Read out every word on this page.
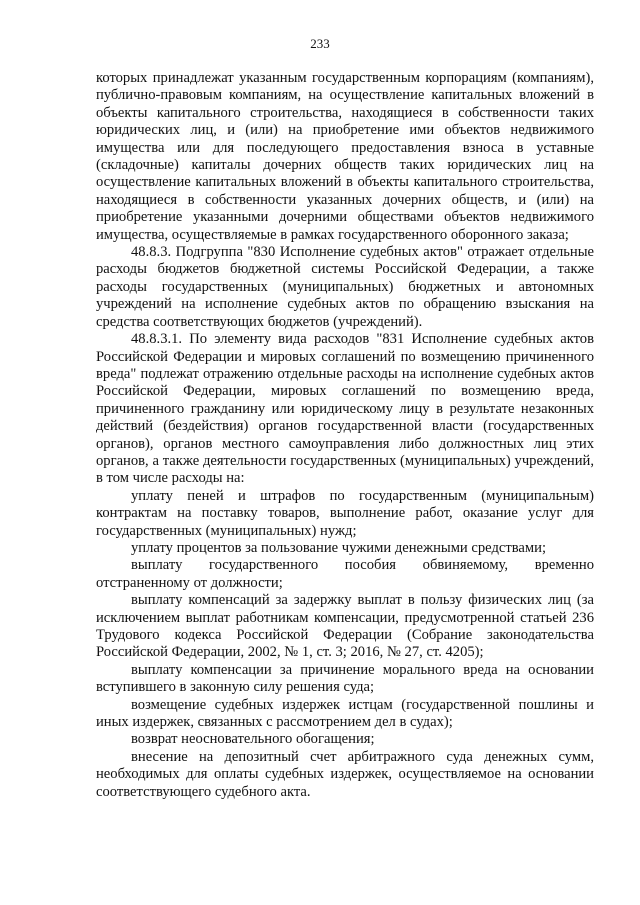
233

которых принадлежат указанным государственным корпорациям (компаниям), публично-правовым компаниям, на осуществление капитальных вложений в объекты капитального строительства, находящиеся в собственности таких юридических лиц, и (или) на приобретение ими объектов недвижимого имущества или для последующего предоставления взноса в уставные (складочные) капиталы дочерних обществ таких юридических лиц на осуществление капитальных вложений в объекты капитального строительства, находящиеся в собственности указанных дочерних обществ, и (или) на приобретение указанными дочерними обществами объектов недвижимого имущества, осуществляемые в рамках государственного оборонного заказа;

48.8.3. Подгруппа "830 Исполнение судебных актов" отражает отдельные расходы бюджетов бюджетной системы Российской Федерации, а также расходы государственных (муниципальных) бюджетных и автономных учреждений на исполнение судебных актов по обращению взыскания на средства соответствующих бюджетов (учреждений).

48.8.3.1. По элементу вида расходов "831 Исполнение судебных актов Российской Федерации и мировых соглашений по возмещению причиненного вреда" подлежат отражению отдельные расходы на исполнение судебных актов Российской Федерации, мировых соглашений по возмещению вреда, причиненного гражданину или юридическому лицу в результате незаконных действий (бездействия) органов государственной власти (государственных органов), органов местного самоуправления либо должностных лиц этих органов, а также деятельности государственных (муниципальных) учреждений, в том числе расходы на:

уплату пеней и штрафов по государственным (муниципальным) контрактам на поставку товаров, выполнение работ, оказание услуг для государственных (муниципальных) нужд;

уплату процентов за пользование чужими денежными средствами;

выплату государственного пособия обвиняемому, временно отстраненному от должности;

выплату компенсаций за задержку выплат в пользу физических лиц (за исключением выплат работникам компенсации, предусмотренной статьей 236 Трудового кодекса Российской Федерации (Собрание законодательства Российской Федерации, 2002, № 1, ст. 3; 2016, № 27, ст. 4205);

выплату компенсации за причинение морального вреда на основании вступившего в законную силу решения суда;

возмещение судебных издержек истцам (государственной пошлины и иных издержек, связанных с рассмотрением дел в судах);

возврат неосновательного обогащения;

внесение на депозитный счет арбитражного суда денежных сумм, необходимых для оплаты судебных издержек, осуществляемое на основании соответствующего судебного акта.
